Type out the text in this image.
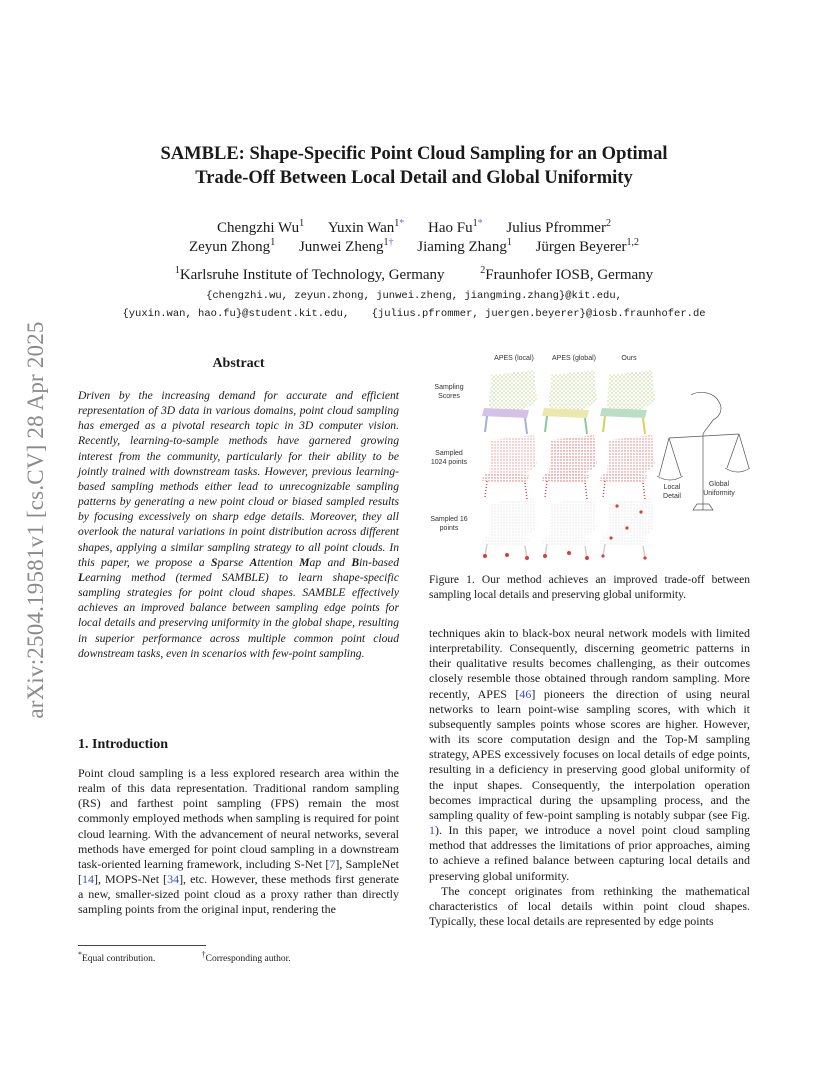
arXiv:2504.19581v1 [cs.CV] 28 Apr 2025
SAMBLE: Shape-Specific Point Cloud Sampling for an Optimal
Trade-Off Between Local Detail and Global Uniformity
Chengzhi Wu$^1$ Yuxin Wan$^{1*}$ Hao $Fu^{1*}$ Julius Pfrommer$^2$
Zeyun Zhong$^1$ Junwei Zheng$^{1\dagger}$ Jiaming Zhang$^1$ Jürgen Beyerer$^{1,2}$
$^1$Karlsruhe Institute of Technology, Germany	$^2$Fraunhofer IOSB, Germany
{chengzhi.wu, zeyun.zhong, junwei.zheng, jiangming.zhang}@kit.edu,
{yuxin.wan, hao.fu}@student.kit.edu, {julius.pfrommer, juergen.beyerer}@iosb.fraunhofer.de
Abstract
Driven by the increasing demand for accurate and efficient representation of 3D data in various domains, point cloud sampling has emerged as a pivotal research topic in 3D computer vision. Recently, learning-to-sample methods have garnered growing interest from the community, particularly for their ability to be jointly trained with downstream tasks. However, previous learning-based sampling methods either lead to unrecognizable sampling patterns by generating a new point cloud or biased sampled results by focusing excessively on sharp edge details. Moreover, they all overlook the natural variations in point distribution across different shapes, applying a similar sampling strategy to all point clouds. In this paper, we propose a Sparse Attention Map and Bin-based Learning method (termed SAMBLE) to learn shape-specific sampling strategies for point cloud shapes. SAMBLE effectively achieves an improved balance between sampling edge points for local details and preserving uniformity in the global shape, resulting in superior performance across multiple common point cloud downstream tasks, even in scenarios with few-point sampling.
1. Introduction

Point cloud sampling is a less explored research area within the realm of this data representation. Traditional random sampling (RS) and farthest point sampling (FPS) remain the most commonly employed methods when sampling is required for point cloud learning. With the advancement of neural networks, several methods have emerged for point cloud sampling in a downstream task-oriented learning framework, including S-Net [7], SampleNet [14], MOPS-Net [34], etc. However, these methods first generate a new, smaller-sized point cloud as a proxy rather than directly sampling points from the original input, rendering the

*Equal contribution.	†Corresponding author.
APES (local)	APES (global)	Ours
Sampling Scores
Sampled 1024 points
Sampled 16 points
Local Detail
Global Uniformity
Figure 1. Our method achieves an improved trade-off between sampling local details and preserving global uniformity.

techniques akin to black-box neural network models with limited interpretability. Consequently, discerning geometric patterns in their qualitative results becomes challenging, as their outcomes closely resemble those obtained through random sampling. More recently, APES [46] pioneers the direction of using neural networks to learn point-wise sampling scores, with which it subsequently samples points whose scores are higher. However, with its score computation design and the Top-M sampling strategy, APES excessively focuses on local details of edge points, resulting in a deficiency in preserving good global uniformity of the input shapes. Consequently, the interpolation operation becomes impractical during the upsampling process, and the sampling quality of few-point sampling is notably subpar (see Fig. 1). In this paper, we introduce a novel point cloud sampling method that addresses the limitations of prior approaches, aiming to achieve a refined balance between capturing local details and preserving global uniformity.

The concept originates from rethinking the mathematical characteristics of local details within point cloud shapes. Typically, these local details are represented by edge points
